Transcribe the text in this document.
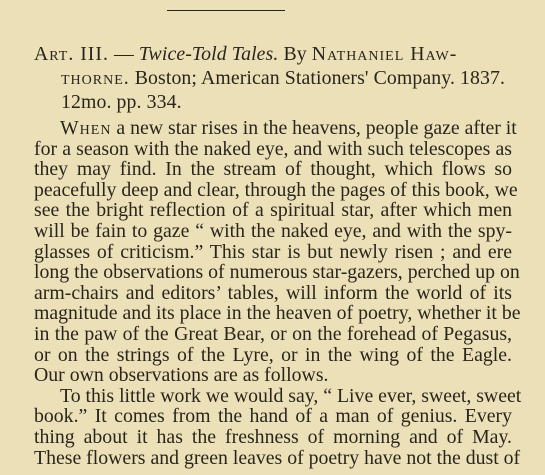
Art. III. — Twice-Told Tales. By Nathaniel Haw-
thorne. Boston; American Stationers' Company. 1837.
12mo. pp. 334.
When a new star rises in the heavens, people gaze after it
for a season with the naked eye, and with such telescopes as
they may find. In the stream of thought, which flows so
peacefully deep and clear, through the pages of this book, we
see the bright reflection of a spiritual star, after which men
will be fain to gaze “ with the naked eye, and with the spy-
glasses of criticism.” This star is but newly risen ; and ere
long the observations of numerous star-gazers, perched up on
arm-chairs and editors’ tables, will inform the world of its
magnitude and its place in the heaven of poetry, whether it be
in the paw of the Great Bear, or on the forehead of Pegasus,
or on the strings of the Lyre, or in the wing of the Eagle.
Our own observations are as follows.
To this little work we would say, “ Live ever, sweet, sweet
book.” It comes from the hand of a man of genius. Every
thing about it has the freshness of morning and of May.
These flowers and green leaves of poetry have not the dust of
